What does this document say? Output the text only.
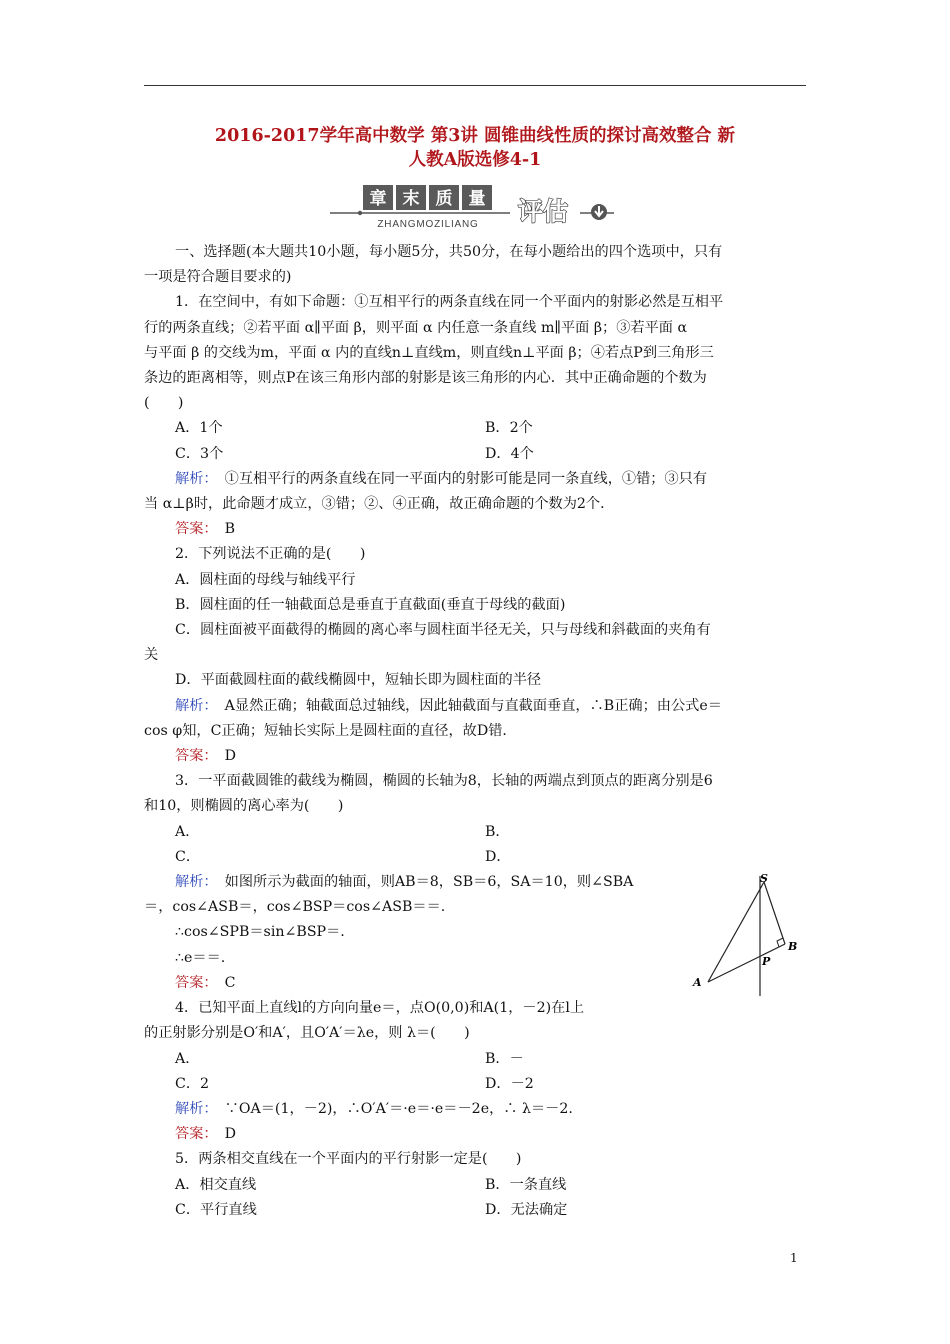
2016-2017学年高中数学 第3讲 圆锥曲线性质的探讨高效整合 新
人教A版选修4-1
章 末 质 量
ZHANGMOZILIANG 评估

一、选择题(本大题共10小题，每小题5分，共50分，在每小题给出的四个选项中，只有

一项是符合题目要求的)

1．在空间中，有如下命题：①互相平行的两条直线在同一个平面内的射影必然是互相平

行的两条直线；②若平面 α∥平面 β，则平面 α 内任意一条直线 m∥平面 β；③若平面 α

与平面 β 的交线为m，平面 α 内的直线n⊥直线m，则直线n⊥平面 β；④若点P到三角形三

条边的距离相等，则点P在该三角形内部的射影是该三角形的内心．其中正确命题的个数为

(　　)

A．1个	B．2个
C．3个	D．4个

解析：　①互相平行的两条直线在同一平面内的射影可能是同一条直线，①错；③只有

当 α⊥β时，此命题才成立，③错；②、④正确，故正确命题的个数为2个．

答案：　B

2．下列说法不正确的是(　　)

A．圆柱面的母线与轴线平行

B．圆柱面的任一轴截面总是垂直于直截面(垂直于母线的截面)

C．圆柱面被平面截得的椭圆的离心率与圆柱面半径无关，只与母线和斜截面的夹角有

关

D．平面截圆柱面的截线椭圆中，短轴长即为圆柱面的半径

解析：　A显然正确；轴截面总过轴线，因此轴截面与直截面垂直，∴B正确；由公式e＝

cos φ知，C正确；短轴长实际上是圆柱面的直径，故D错．

答案：　D

3．一平面截圆锥的截线为椭圆，椭圆的长轴为8，长轴的两端点到顶点的距离分别是6

和10，则椭圆的离心率为(　　)

A．	B．
C．	D．

解析：　如图所示为截面的轴面，则AB＝8，SB＝6，SA＝10，则∠SBA

＝，cos∠ASB＝，cos∠BSP＝cos∠ASB＝＝.

∴cos∠SPB＝sin∠BSP＝.

∴e＝＝.

答案：　C

4．已知平面上直线l的方向向量e＝，点O(0,0)和A(1，－2)在l上

的正射影分别是O′和A′，且O′A′＝λe，则 λ＝(　　)

A．	B．－
C．2	D．－2

解析：　∵OA＝(1，－2)，∴O′A′＝·e＝·e＝－2e，∴ λ＝－2.

答案：　D

5．两条相交直线在一个平面内的平行射影一定是(　　)

A．相交直线	B．一条直线
C．平行直线	D．无法确定
S
B
P
A
1
